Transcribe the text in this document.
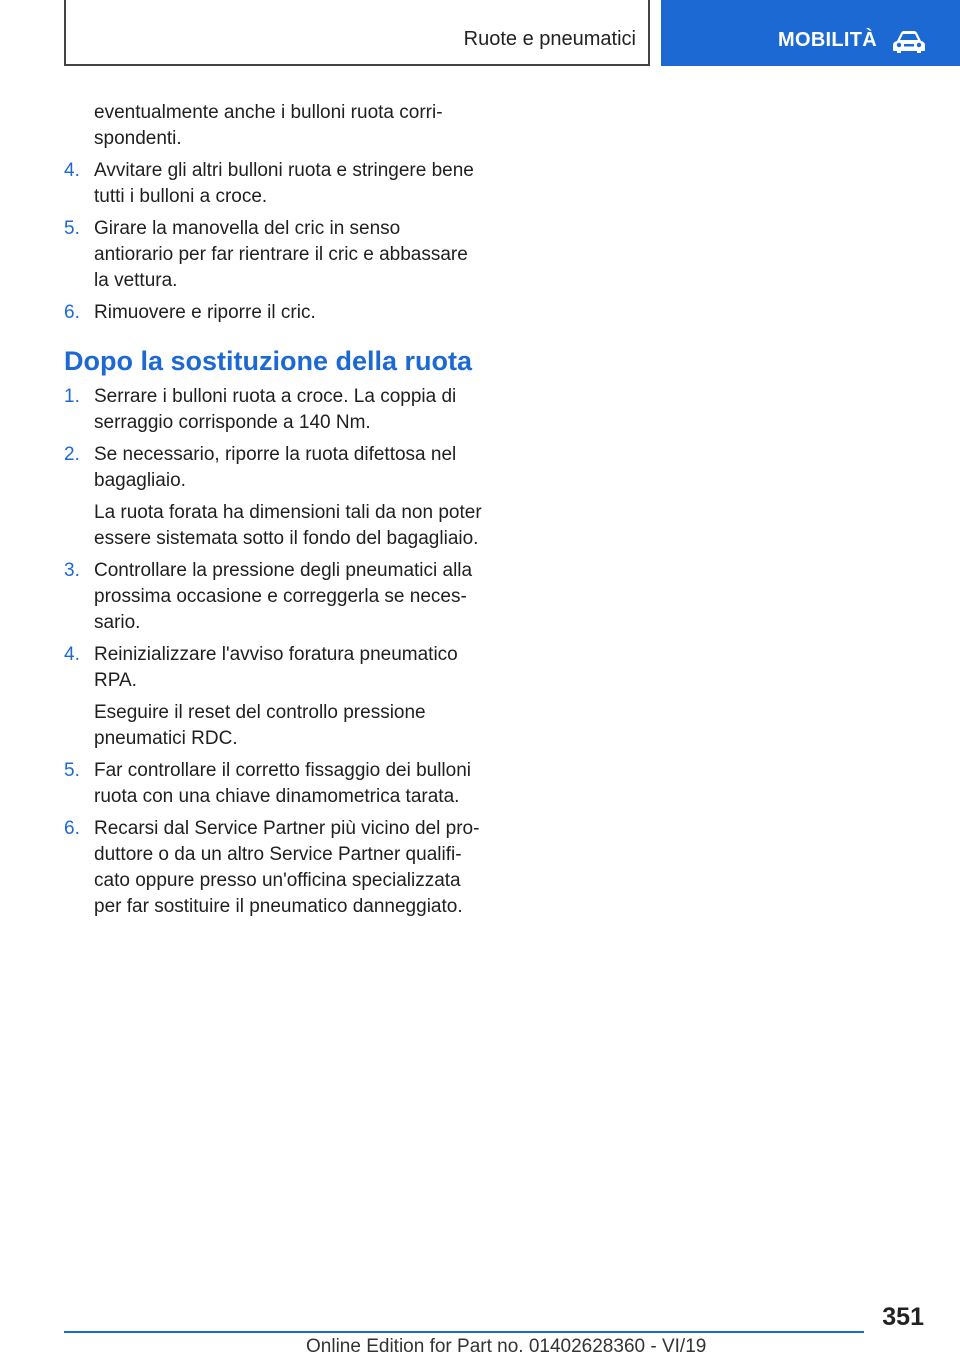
Ruote e pneumatici	MOBILITÀ
eventualmente anche i bulloni ruota corri-
spondenti.
4. Avvitare gli altri bulloni ruota e stringere bene tutti i bulloni a croce.
5. Girare la manovella del cric in senso antiorario per far rientrare il cric e abbassare la vettura.
6. Rimuovere e riporre il cric.
Dopo la sostituzione della ruota
1. Serrare i bulloni ruota a croce. La coppia di serraggio corrisponde a 140 Nm.
2. Se necessario, riporre la ruota difettosa nel bagagliaio.
La ruota forata ha dimensioni tali da non poter essere sistemata sotto il fondo del bagagliaio.
3. Controllare la pressione degli pneumatici alla prossima occasione e correggerla se neces-
sario.
4. Reinizializzare l'avviso foratura pneumatico RPA.
Eseguire il reset del controllo pressione pneumatici RDC.
5. Far controllare il corretto fissaggio dei bulloni ruota con una chiave dinamometrica tarata.
6. Recarsi dal Service Partner più vicino del pro-
duttore o da un altro Service Partner qualifi-
cato oppure presso un'officina specializzata per far sostituire il pneumatico danneggiato.
351
Online Edition for Part no. 01402628360 - VI/19
